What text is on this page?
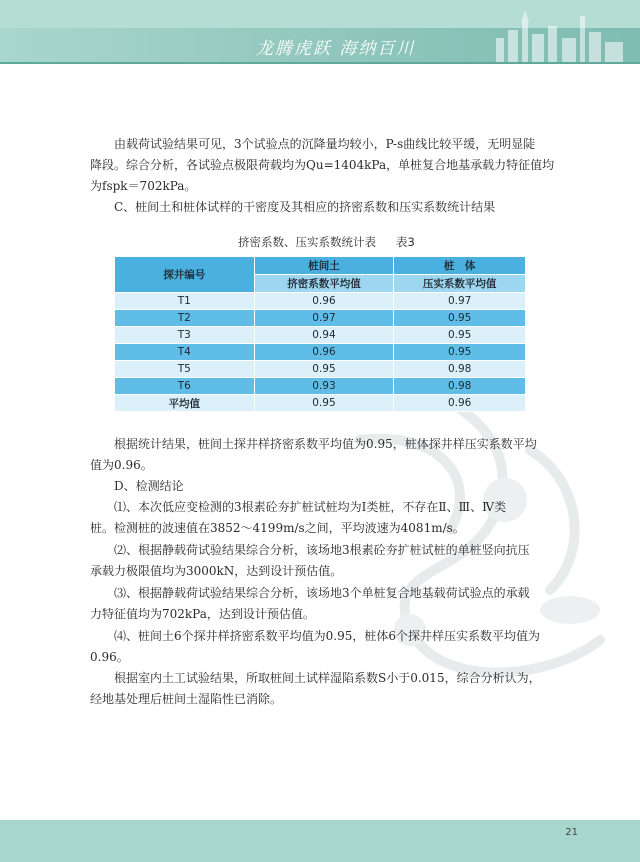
龙腾虎跃 海纳百川

由载荷试验结果可见，3个试验点的沉降量均较小，P-s曲线比较平缓，无明显陡

降段。综合分析，各试验点极限荷载均为Qu=1404kPa，单桩复合地基承载力特征值均

为fspk＝702kPa。

C、桩间土和桩体试样的干密度及其相应的挤密系数和压实系数统计结果

挤密系数、压实系数统计表 表3
探井编号	桩间土	桩　体
	挤密系数平均值	压实系数平均值
T1	0.96	0.97
T2	0.97	0.95
T3	0.94	0.95
T4	0.96	0.95
T5	0.95	0.98
T6	0.93	0.98
平均值	0.95	0.96

根据统计结果，桩间土探井样挤密系数平均值为0.95，桩体探井样压实系数平均

值为0.96。

D、检测结论

⑴、本次低应变检测的3根素砼夯扩桩试桩均为Ⅰ类桩，不存在Ⅱ、Ⅲ、Ⅳ类

桩。检测桩的波速值在3852～4199m/s之间，平均波速为4081m/s。

⑵、根据静载荷试验结果综合分析，该场地3根素砼夯扩桩试桩的单桩竖向抗压

承载力极限值均为3000kN，达到设计预估值。

⑶、根据静载荷试验结果综合分析，该场地3个单桩复合地基载荷试验点的承载

力特征值均为702kPa，达到设计预估值。

⑷、桩间土6个探井样挤密系数平均值为0.95，桩体6个探井样压实系数平均值为

0.96。

根据室内土工试验结果，所取桩间土试样湿陷系数S小于0.015，综合分析认为，

经地基处理后桩间土湿陷性已消除。

21
